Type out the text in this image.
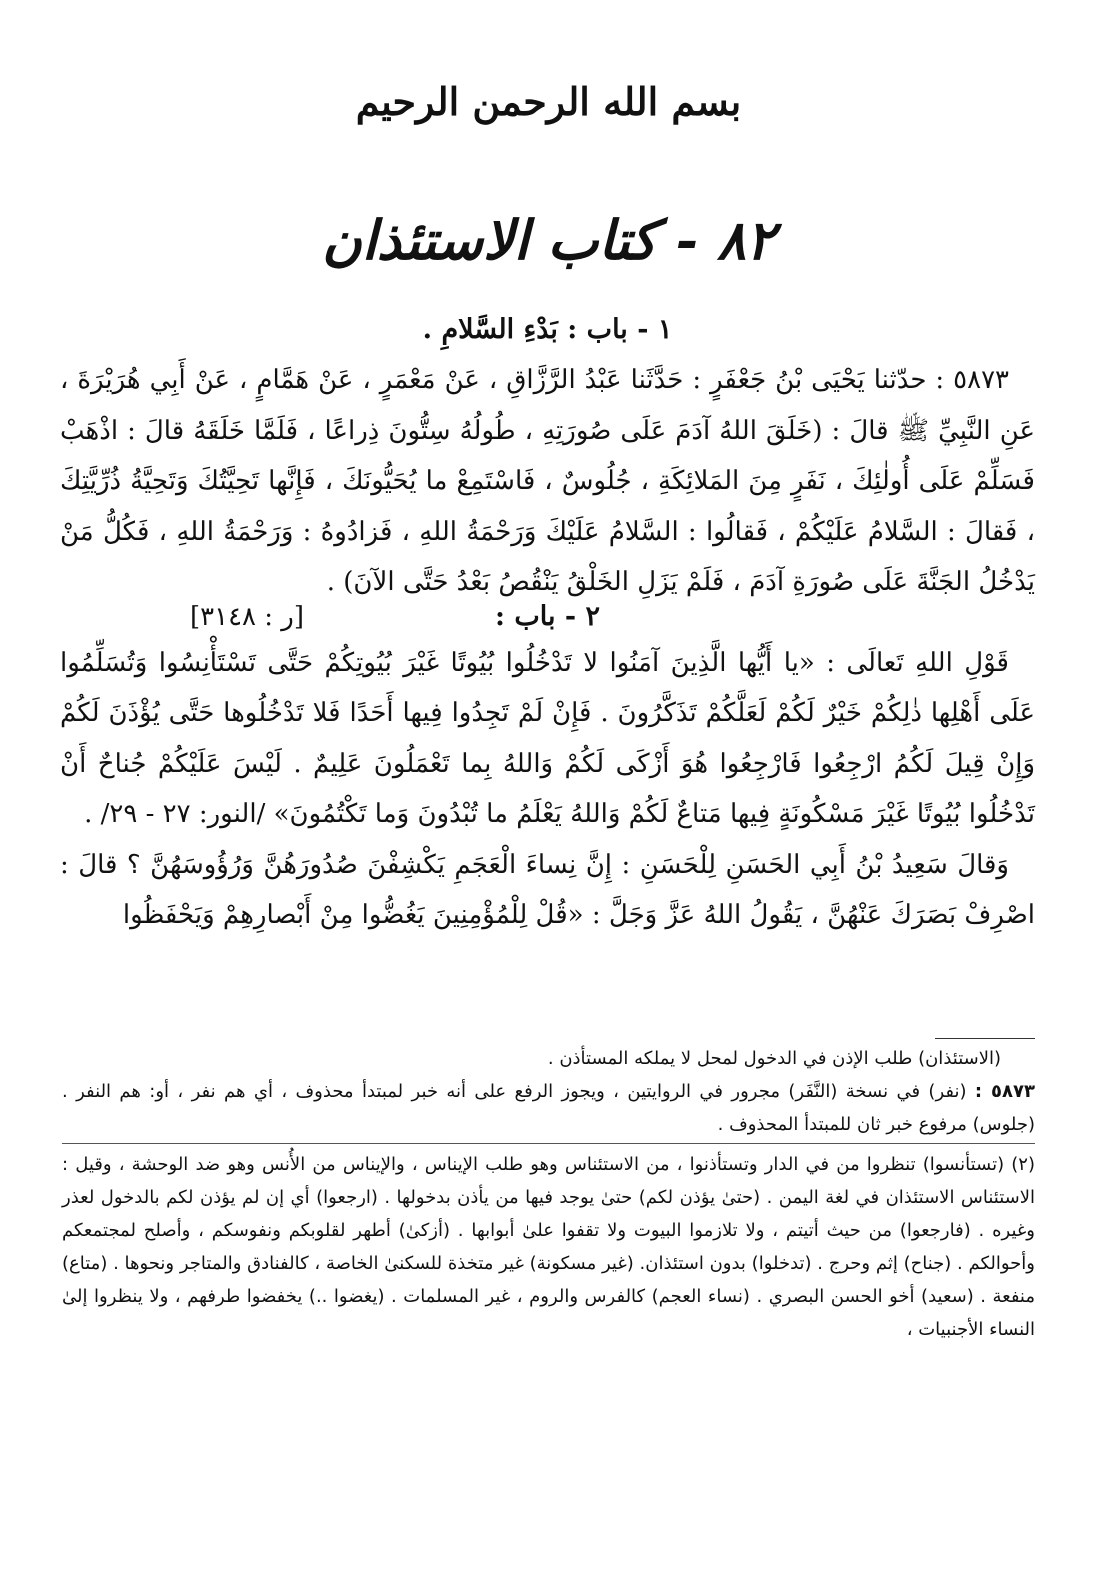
بسم الله الرحمن الرحيم
٨٢ - كتاب الاستئذان
١ - باب : بَدْءِ السَّلامِ .

٥٨٧٣ : حدّثنا يَحْيَى بْنُ جَعْفَرٍ : حَدَّثَنا عَبْدُ الرَّزَّاقِ ، عَنْ مَعْمَرٍ ، عَنْ هَمَّامٍ ، عَنْ أَبِي هُرَيْرَةَ ، عَنِ النَّبِيِّ ﷺ قالَ : (خَلَقَ اللهُ آدَمَ عَلَى صُورَتِهِ ، طُولُهُ سِتُّونَ ذِراعًا ، فَلَمَّا خَلَقَهُ قالَ : اذْهَبْ فَسَلِّمْ عَلَى أُولٰئِكَ ، نَفَرٍ مِنَ المَلائِكَةِ ، جُلُوسٌ ، فَاسْتَمِعْ ما يُحَيُّونَكَ ، فَإِنَّها تَحِيَّتُكَ وَتَحِيَّةُ ذُرِّيَّتِكَ ، فَقالَ : السَّلامُ عَلَيْكُمْ ، فَقالُوا : السَّلامُ عَلَيْكَ وَرَحْمَةُ اللهِ ، فَزادُوهُ : وَرَحْمَةُ اللهِ ، فَكُلُّ مَنْ يَدْخُلُ الجَنَّةَ عَلَى صُورَةِ آدَمَ ، فَلَمْ يَزَلِ الخَلْقُ يَنْقُصُ بَعْدُ حَتَّى الآنَ) .

[ر : ٣١٤٨]	٢ - باب :

قَوْلِ اللهِ تَعالَى : «يا أَيُّها الَّذِينَ آمَنُوا لا تَدْخُلُوا بُيُوتًا غَيْرَ بُيُوتِكُمْ حَتَّى تَسْتَأْنِسُوا وَتُسَلِّمُوا عَلَى أَهْلِها ذٰلِكُمْ خَيْرٌ لَكُمْ لَعَلَّكُمْ تَذَكَّرُونَ . فَإِنْ لَمْ تَجِدُوا فِيها أَحَدًا فَلا تَدْخُلُوها حَتَّى يُؤْذَنَ لَكُمْ وَإِنْ قِيلَ لَكُمُ ارْجِعُوا فَارْجِعُوا هُوَ أَزْكَى لَكُمْ وَاللهُ بِما تَعْمَلُونَ عَلِيمٌ . لَيْسَ عَلَيْكُمْ جُناحٌ أَنْ تَدْخُلُوا بُيُوتًا غَيْرَ مَسْكُونَةٍ فِيها مَتاعٌ لَكُمْ وَاللهُ يَعْلَمُ ما تُبْدُونَ وَما تَكْتُمُونَ» /النور: ٢٧ - ٢٩/ .

وَقالَ سَعِيدُ بْنُ أَبِي الحَسَنِ لِلْحَسَنِ : إِنَّ نِساءَ الْعَجَمِ يَكْشِفْنَ صُدُورَهُنَّ وَرُؤُوسَهُنَّ ؟ قالَ : اصْرِفْ بَصَرَكَ عَنْهُنَّ ، يَقُولُ اللهُ عَزَّ وَجَلَّ : «قُلْ لِلْمُؤْمِنِينَ يَغُضُّوا مِنْ أَبْصارِهِمْ وَيَحْفَظُوا

(الاستئذان) طلب الإذن في الدخول لمحل لا يملكه المستأذن .

٥٨٧٣ : (نفر) في نسخة (النَّفَر) مجرور في الروايتين ، ويجوز الرفع على أنه خبر لمبتدأ محذوف ، أي هم نفر ، أو: هم النفر . (جلوس) مرفوع خبر ثان للمبتدأ المحذوف .

(٢) (تستأنسوا) تنظروا من في الدار وتستأذنوا ، من الاستئناس وهو طلب الإيناس ، والإيناس من الأُنس وهو ضد الوحشة ، وقيل : الاستئناس الاستئذان في لغة اليمن . (حتىٰ يؤذن لكم) حتىٰ يوجد فيها من يأذن بدخولها . (ارجعوا) أي إن لم يؤذن لكم بالدخول لعذر وغيره . (فارجعوا) من حيث أتيتم ، ولا تلازموا البيوت ولا تقفوا علىٰ أبوابها . (أزكىٰ) أطهر لقلوبكم ونفوسكم ، وأصلح لمجتمعكم وأحوالكم . (جناح) إثم وحرج . (تدخلوا) بدون استئذان. (غير مسكونة) غير متخذة للسكنىٰ الخاصة ، كالفنادق والمتاجر ونحوها . (متاع) منفعة . (سعيد) أخو الحسن البصري . (نساء العجم) كالفرس والروم ، غير المسلمات . (يغضوا ..) يخفضوا طرفهم ، ولا ينظروا إلىٰ النساء الأجنبيات ،
